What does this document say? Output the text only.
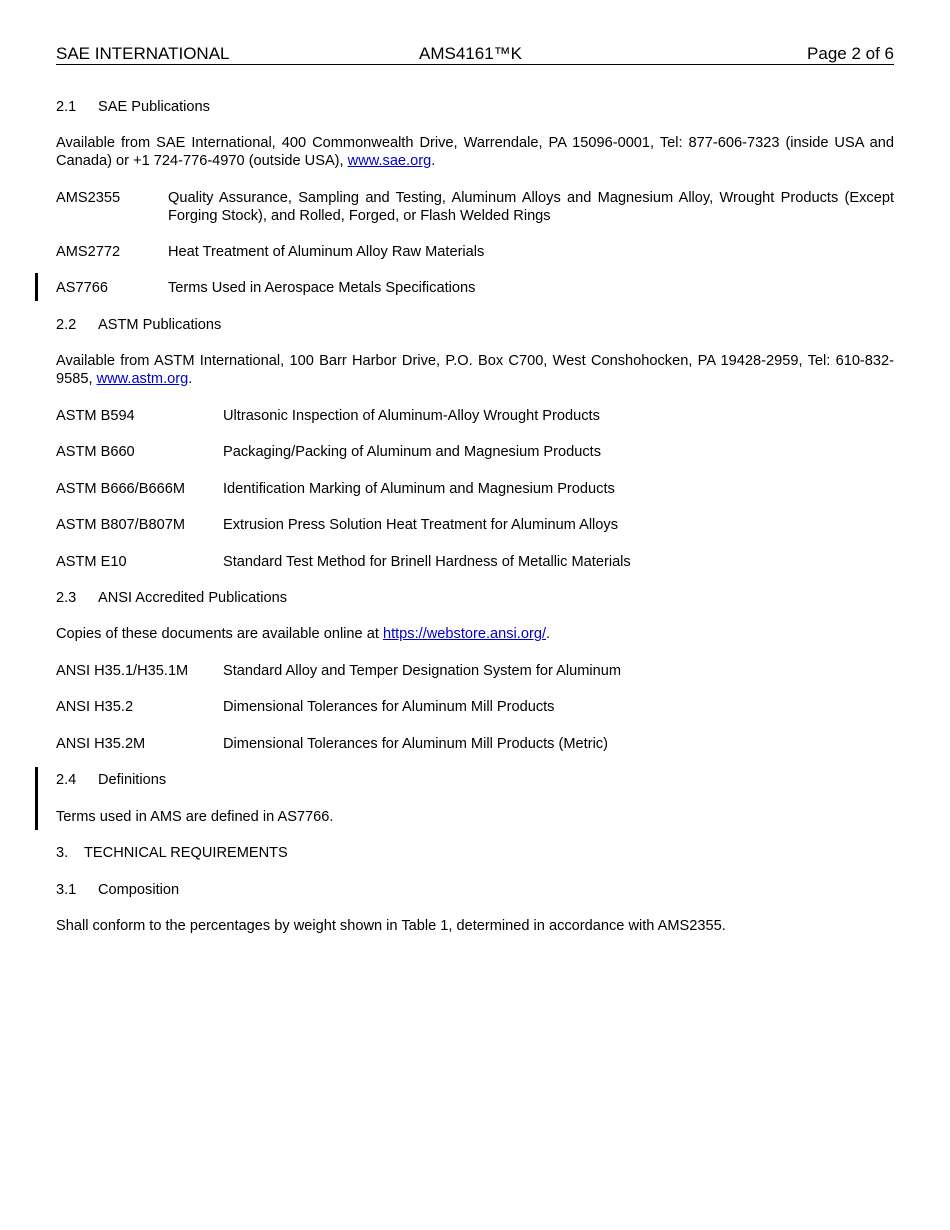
SAE INTERNATIONAL	AMS4161™K	Page 2 of 6
2.1 SAE Publications
Available from SAE International, 400 Commonwealth Drive, Warrendale, PA 15096-0001, Tel: 877-606-7323 (inside USA and Canada) or +1 724-776-4970 (outside USA), www.sae.org.
AMS2355	Quality Assurance, Sampling and Testing, Aluminum Alloys and Magnesium Alloy, Wrought Products (Except Forging Stock), and Rolled, Forged, or Flash Welded Rings
AMS2772	Heat Treatment of Aluminum Alloy Raw Materials
AS7766	Terms Used in Aerospace Metals Specifications
2.2 ASTM Publications
Available from ASTM International, 100 Barr Harbor Drive, P.O. Box C700, West Conshohocken, PA 19428-2959, Tel: 610-832-9585, www.astm.org.
ASTM B594	Ultrasonic Inspection of Aluminum-Alloy Wrought Products
ASTM B660	Packaging/Packing of Aluminum and Magnesium Products
ASTM B666/B666M	Identification Marking of Aluminum and Magnesium Products
ASTM B807/B807M	Extrusion Press Solution Heat Treatment for Aluminum Alloys
ASTM E10	Standard Test Method for Brinell Hardness of Metallic Materials
2.3 ANSI Accredited Publications
Copies of these documents are available online at https://webstore.ansi.org/.
ANSI H35.1/H35.1M Standard Alloy and Temper Designation System for Aluminum
ANSI H35.2	Dimensional Tolerances for Aluminum Mill Products
ANSI H35.2M	Dimensional Tolerances for Aluminum Mill Products (Metric)
2.4 Definitions
Terms used in AMS are defined in AS7766.
3. TECHNICAL REQUIREMENTS
3.1 Composition
Shall conform to the percentages by weight shown in Table 1, determined in accordance with AMS2355.
